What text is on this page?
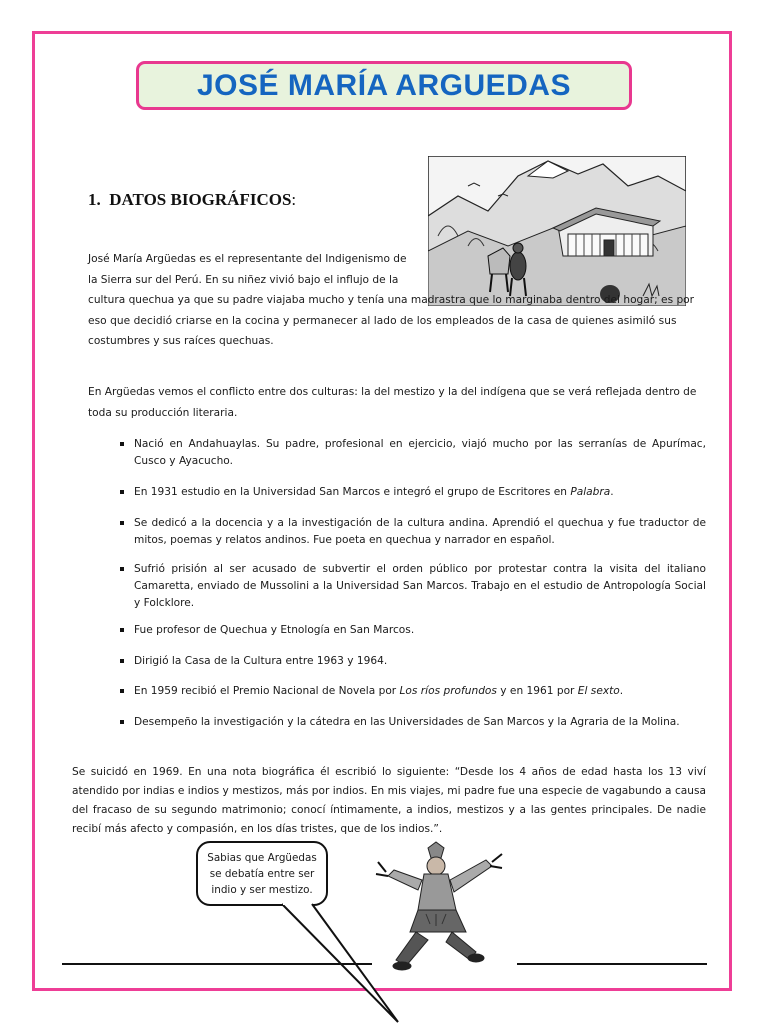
JOSÉ MARÍA ARGUEDAS
1. DATOS BIOGRÁFICOS:
José María Argüedas es el representante del Indigenismo de
la Sierra sur del Perú. En su niñez vivió bajo el influjo de la
cultura quechua ya que su padre viajaba mucho y tenía una madrastra que lo marginaba dentro del hogar; es por
eso que decidió criarse en la cocina y permanecer al lado de los empleados de la casa de quienes asimiló sus
costumbres y sus raíces quechuas.
En Argüedas vemos el conflicto entre dos culturas: la del mestizo y la del indígena que se verá reflejada dentro de toda su producción literaria.
Nació en Andahuaylas. Su padre, profesional en ejercicio, viajó mucho por las serranías de Apurímac, Cusco y Ayacucho.
En 1931 estudio en la Universidad San Marcos e integró el grupo de Escritores en Palabra.
Se dedicó a la docencia y a la investigación de la cultura andina. Aprendió el quechua y fue traductor de mitos, poemas y relatos andinos. Fue poeta en quechua y narrador en español.
Sufrió prisión al ser acusado de subvertir el orden público por protestar contra la visita del italiano Camaretta, enviado de Mussolini a la Universidad San Marcos. Trabajo en el estudio de Antropología Social y Folcklore.
Fue profesor de Quechua y Etnología en San Marcos.
Dirigió la Casa de la Cultura entre 1963 y 1964.
En 1959 recibió el Premio Nacional de Novela por Los ríos profundos y en 1961 por El sexto.
Desempeño la investigación y la cátedra en las Universidades de San Marcos y la Agraria de la Molina.
Se suicidó en 1969. En una nota biográfica él escribió lo siguiente: “Desde los 4 años de edad hasta los 13 viví atendido por indias e indios y mestizos, más por indios. En mis viajes, mi padre fue una especie de vagabundo a causa del fracaso de su segundo matrimonio; conocí íntimamente, a indios, mestizos y a las gentes principales. De nadie recibí más afecto y compasión, en los días tristes, que de los indios.”.
Sabias que Argüedas
se debatía entre ser
indio y ser mestizo.
